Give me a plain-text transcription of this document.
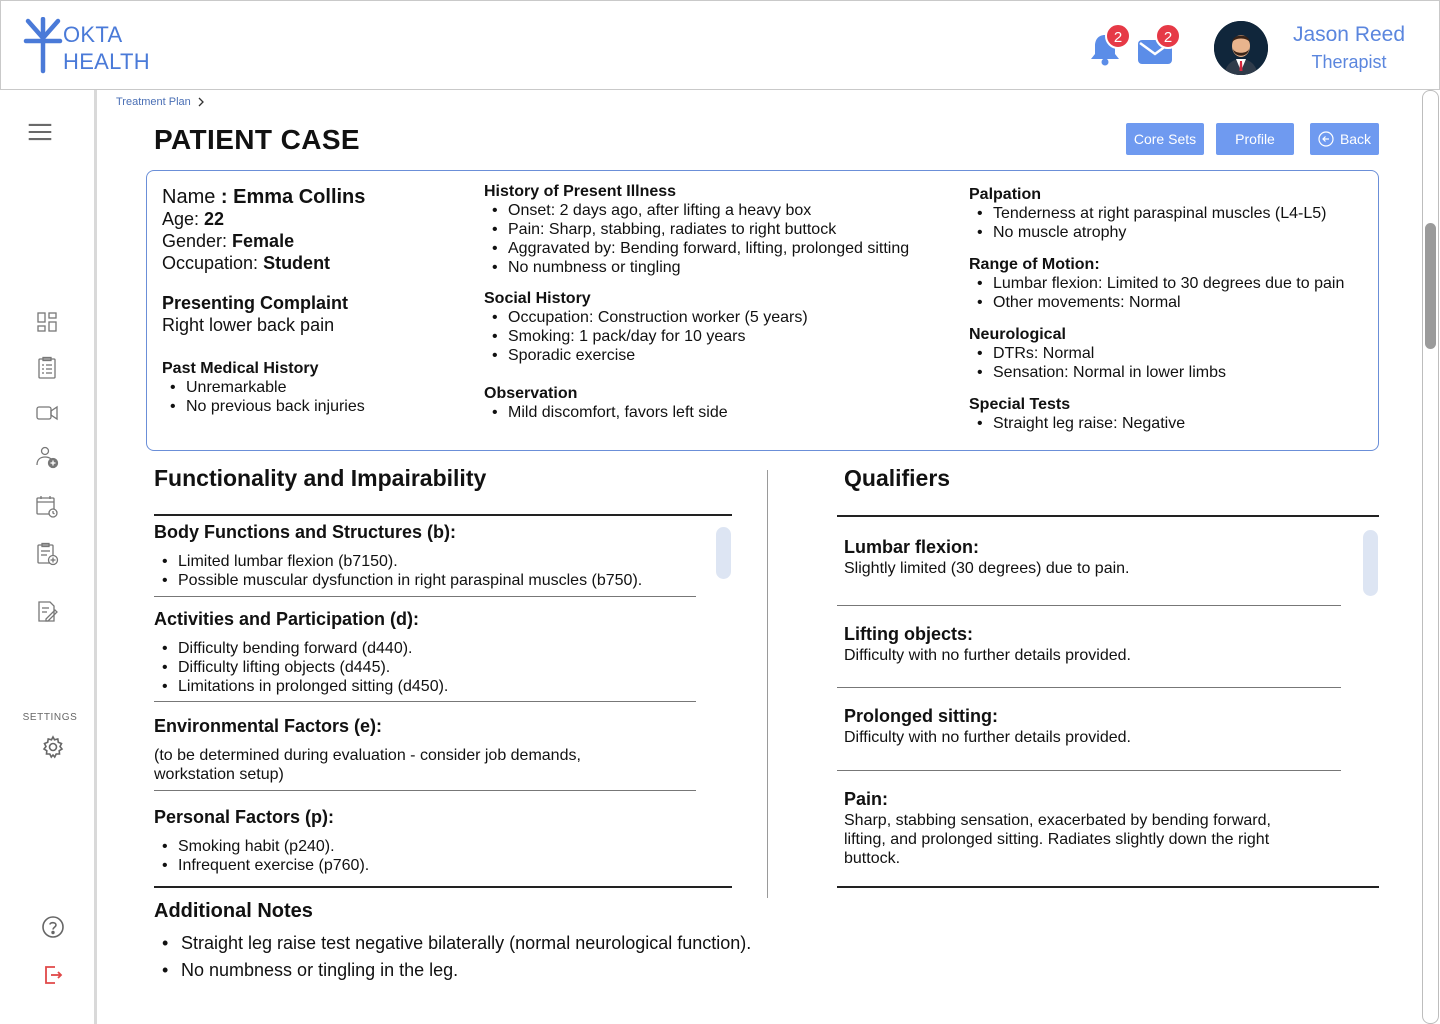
OKTA
HEALTH
2	2	Jason Reed
Therapist
SETTINGS
Treatment Plan
PATIENT CASE	Core Sets	Profile	Back
Name : Emma Collins
Age: 22
Gender: Female
Occupation: Student
Presenting Complaint
Right lower back pain
Past Medical History
• Unremarkable
• No previous back injuries
History of Present Illness
• Onset: 2 days ago, after lifting a heavy box
• Pain: Sharp, stabbing, radiates to right buttock
• Aggravated by: Bending forward, lifting, prolonged sitting
• No numbness or tingling
Social History
• Occupation: Construction worker (5 years)
• Smoking: 1 pack/day for 10 years
• Sporadic exercise
Observation
• Mild discomfort, favors left side
Palpation
• Tenderness at right paraspinal muscles (L4-L5)
• No muscle atrophy
Range of Motion:
• Lumbar flexion: Limited to 30 degrees due to pain
• Other movements: Normal
Neurological
• DTRs: Normal
• Sensation: Normal in lower limbs
Special Tests
• Straight leg raise: Negative
Functionality and Impairability
Body Functions and Structures (b):
• Limited lumbar flexion (b7150).
• Possible muscular dysfunction in right paraspinal muscles (b750).
Activities and Participation (d):
• Difficulty bending forward (d440).
• Difficulty lifting objects (d445).
• Limitations in prolonged sitting (d450).
Environmental Factors (e):
(to be determined during evaluation - consider job demands, workstation setup)
Personal Factors (p):
• Smoking habit (p240).
• Infrequent exercise (p760).
Qualifiers
Lumbar flexion:
Slightly limited (30 degrees) due to pain.
Lifting objects:
Difficulty with no further details provided.
Prolonged sitting:
Difficulty with no further details provided.
Pain:
Sharp, stabbing sensation, exacerbated by bending forward, lifting, and prolonged sitting. Radiates slightly down the right buttock.
Additional Notes
• Straight leg raise test negative bilaterally (normal neurological function).
• No numbness or tingling in the leg.
